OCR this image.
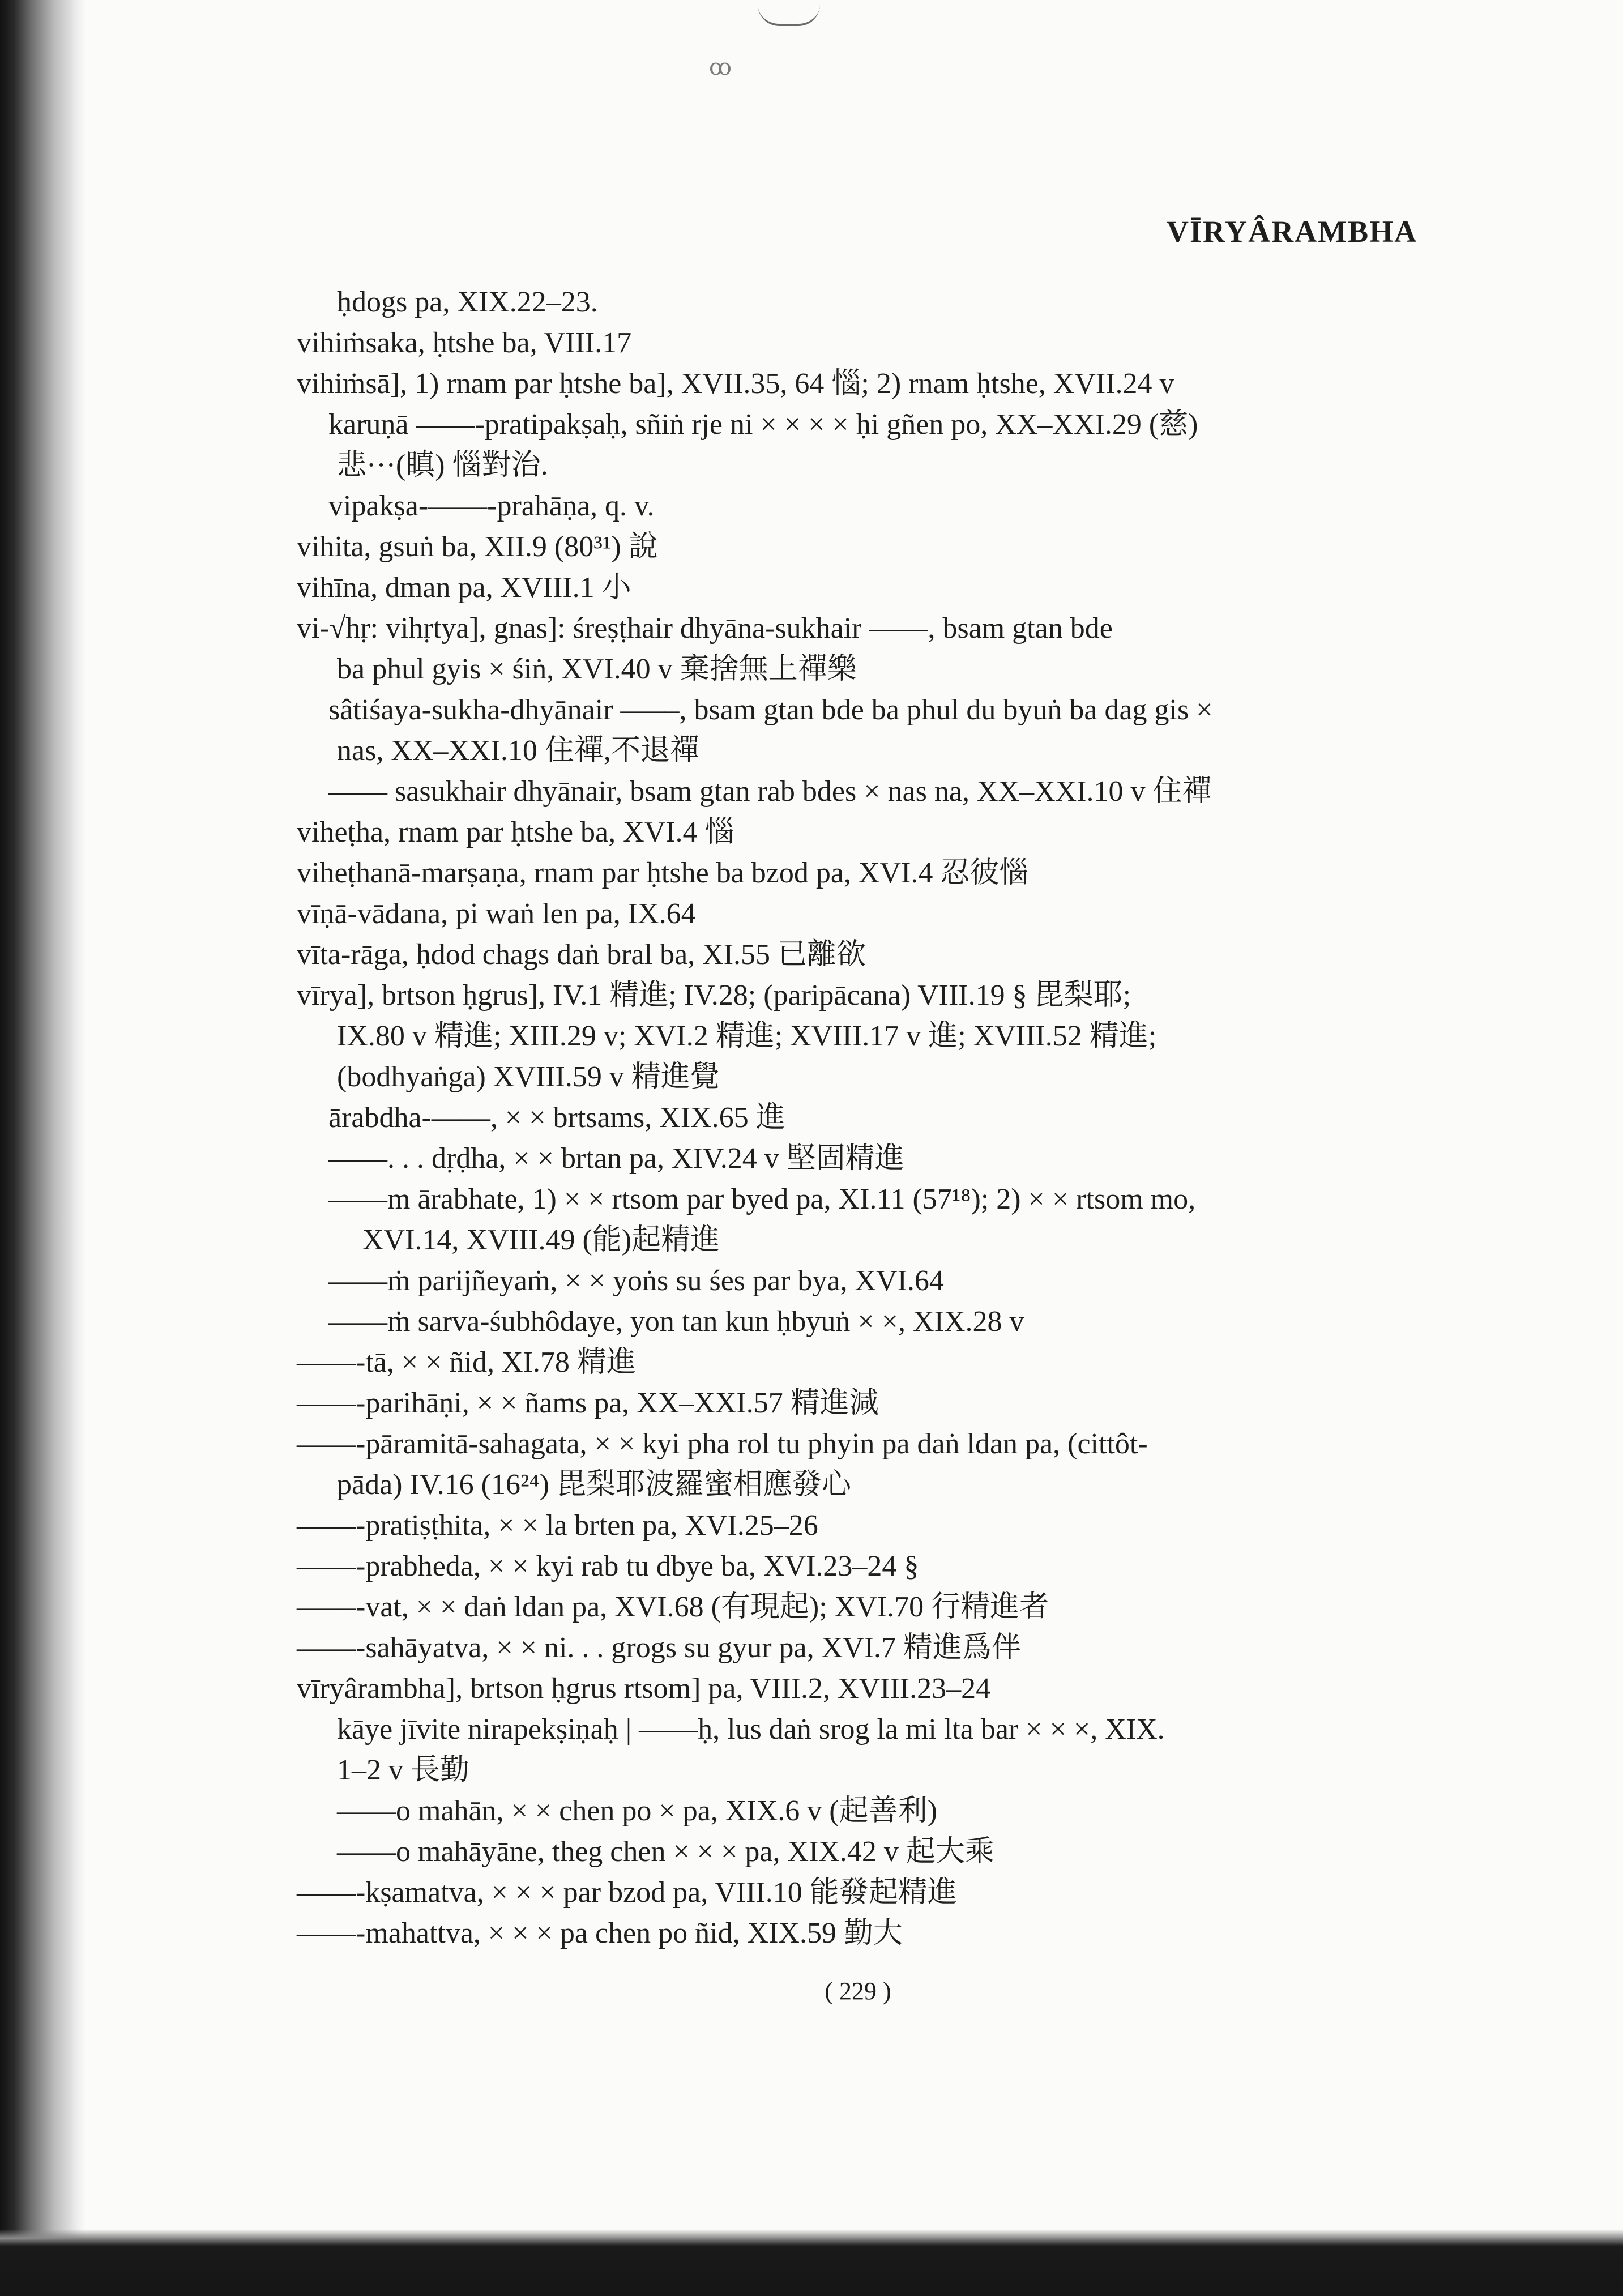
ꝏ
VĪRYÂRAMBHA
ḥdogs pa, XIX.22–23.
vihiṁsaka, ḥtshe ba, VIII.17
vihiṁsā], 1) rnam par ḥtshe ba], XVII.35, 64 惱; 2) rnam ḥtshe, XVII.24 v
karuṇā ––––-pratipakṣaḥ, sñiṅ rje ni × × × × ḥi gñen po, XX–XXI.29 (慈)
悲···(瞋) 惱對治.
vipakṣa-––––-prahāṇa, q. v.
vihita, gsuṅ ba, XII.9 (80³¹) 說
vihīna, dman pa, XVIII.1 小
vi-√hṛ: vihṛtya], gnas]: śreṣṭhair dhyāna-sukhair ––––, bsam gtan bde
ba phul gyis × śiṅ, XVI.40 v 棄捨無上禪樂
sâtiśaya-sukha-dhyānair ––––, bsam gtan bde ba phul du byuṅ ba dag gis ×
nas, XX–XXI.10 住禪,不退禪
–––– sasukhair dhyānair, bsam gtan rab bdes × nas na, XX–XXI.10 v 住禪
viheṭha, rnam par ḥtshe ba, XVI.4 惱
viheṭhanā-marṣaṇa, rnam par ḥtshe ba bzod pa, XVI.4 忍彼惱
vīṇā-vādana, pi waṅ len pa, IX.64
vīta-rāga, ḥdod chags daṅ bral ba, XI.55 已離欲
vīrya], brtson ḥgrus], IV.1 精進; IV.28; (paripācana) VIII.19 § 毘梨耶;
IX.80 v 精進; XIII.29 v; XVI.2 精進; XVIII.17 v 進; XVIII.52 精進;
(bodhyaṅga) XVIII.59 v 精進覺
ārabdha-––––, × × brtsams, XIX.65 進
––––. . . dṛḍha, × × brtan pa, XIV.24 v 堅固精進
––––m ārabhate, 1) × × rtsom par byed pa, XI.11 (57¹⁸); 2) × × rtsom mo,
XVI.14, XVIII.49 (能)起精進
––––ṁ parijñeyaṁ, × × yoṅs su śes par bya, XVI.64
––––ṁ sarva-śubhôdaye, yon tan kun ḥbyuṅ × ×, XIX.28 v
––––-tā, × × ñid, XI.78 精進
––––-parihāṇi, × × ñams pa, XX–XXI.57 精進減
––––-pāramitā-sahagata, × × kyi pha rol tu phyin pa daṅ ldan pa, (cittôt-
pāda) IV.16 (16²⁴) 毘梨耶波羅蜜相應發心
––––-pratiṣṭhita, × × la brten pa, XVI.25–26
––––-prabheda, × × kyi rab tu dbye ba, XVI.23–24 §
––––-vat, × × daṅ ldan pa, XVI.68 (有現起); XVI.70 行精進者
––––-sahāyatva, × × ni. . . grogs su gyur pa, XVI.7 精進爲伴
vīryârambha], brtson ḥgrus rtsom] pa, VIII.2, XVIII.23–24
kāye jīvite nirapekṣiṇaḥ | ––––ḥ, lus daṅ srog la mi lta bar × × ×, XIX.
1–2 v 長勤
––––o mahān, × × chen po × pa, XIX.6 v (起善利)
––––o mahāyāne, theg chen × × × pa, XIX.42 v 起大乘
––––-kṣamatva, × × × par bzod pa, VIII.10 能發起精進
––––-mahattva, × × × pa chen po ñid, XIX.59 勤大
( 229 )
